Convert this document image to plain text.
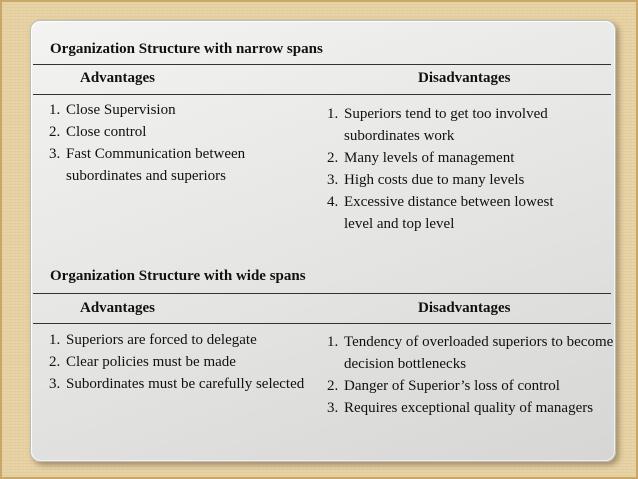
Organization Structure with narrow spans
Advantages	Disadvantages
1. Close Supervision
2. Close control
3. Fast Communication between subordinates and superiors
1. Superiors tend to get too involved subordinates work
2. Many levels of management
3. High costs due to many levels
4. Excessive distance between lowest level and top level
Organization Structure with wide spans
Advantages	Disadvantages
1. Superiors are forced to delegate
2. Clear policies must be made
3. Subordinates must be carefully selected
1. Tendency of overloaded superiors to become decision bottlenecks
2. Danger of Superior’s loss of control
3. Requires exceptional quality of managers
